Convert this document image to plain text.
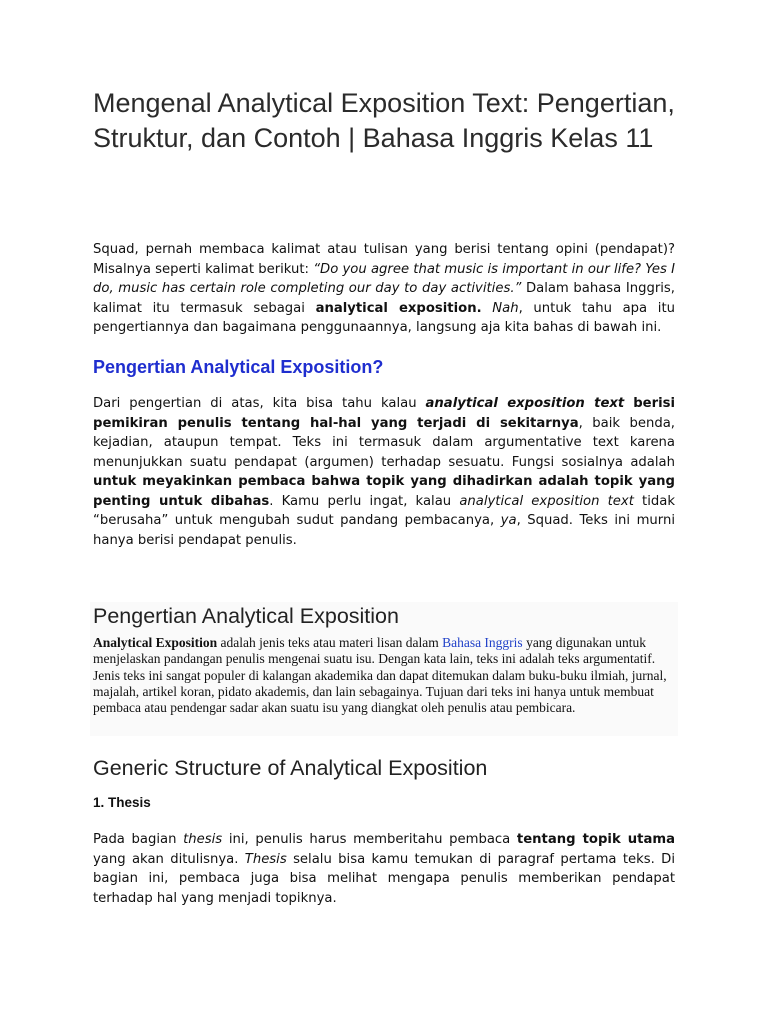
Mengenal Analytical Exposition Text: Pengertian, Struktur, dan Contoh | Bahasa Inggris Kelas 11

Squad, pernah membaca kalimat atau tulisan yang berisi tentang opini (pendapat)? Misalnya seperti kalimat berikut: “Do you agree that music is important in our life? Yes I do, music has certain role completing our day to day activities.” Dalam bahasa Inggris, kalimat itu termasuk sebagai analytical exposition. Nah, untuk tahu apa itu pengertiannya dan bagaimana penggunaannya, langsung aja kita bahas di bawah ini.

Pengertian Analytical Exposition?

Dari pengertian di atas, kita bisa tahu kalau analytical exposition text berisi pemikiran penulis tentang hal-hal yang terjadi di sekitarnya, baik benda, kejadian, ataupun tempat. Teks ini termasuk dalam argumentative text karena menunjukkan suatu pendapat (argumen) terhadap sesuatu. Fungsi sosialnya adalah untuk meyakinkan pembaca bahwa topik yang dihadirkan adalah topik yang penting untuk dibahas. Kamu perlu ingat, kalau analytical exposition text tidak “berusaha” untuk mengubah sudut pandang pembacanya, ya, Squad. Teks ini murni hanya berisi pendapat penulis.

Pengertian Analytical Exposition

Analytical Exposition adalah jenis teks atau materi lisan dalam Bahasa Inggris yang digunakan untuk menjelaskan pandangan penulis mengenai suatu isu. Dengan kata lain, teks ini adalah teks argumentatif. Jenis teks ini sangat populer di kalangan akademika dan dapat ditemukan dalam buku-buku ilmiah, jurnal, majalah, artikel koran, pidato akademis, dan lain sebagainya. Tujuan dari teks ini hanya untuk membuat pembaca atau pendengar sadar akan suatu isu yang diangkat oleh penulis atau pembicara.

Generic Structure of Analytical Exposition
1. Thesis

Pada bagian thesis ini, penulis harus memberitahu pembaca tentang topik utama yang akan ditulisnya. Thesis selalu bisa kamu temukan di paragraf pertama teks. Di bagian ini, pembaca juga bisa melihat mengapa penulis memberikan pendapat terhadap hal yang menjadi topiknya.
